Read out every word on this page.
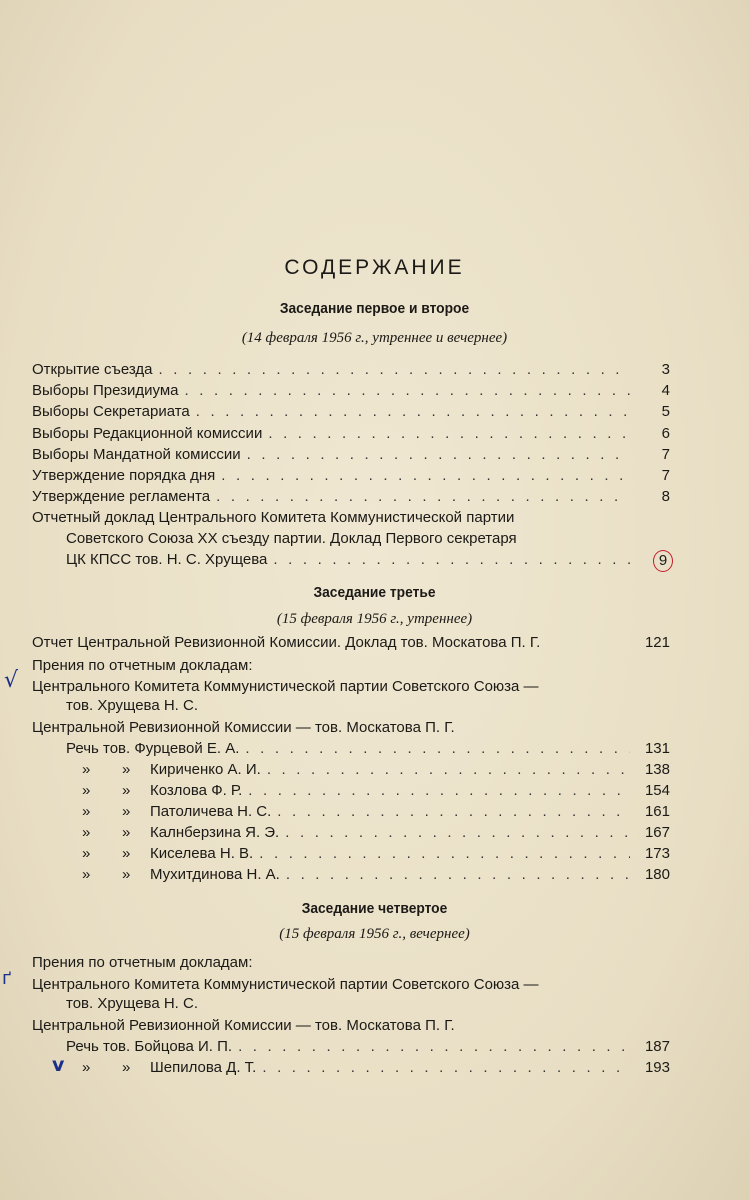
СОДЕРЖАНИЕ
Заседание первое и второе
(14 февраля 1956 г., утреннее и вечернее)
Открытие съезда . . .	3
Выборы Президиума . . .	4
Выборы Секретариата . . .	5
Выборы Редакционной комиссии . . .	6
Выборы Мандатной комиссии . . .	7
Утверждение порядка дня . . .	7
Утверждение регламента . . .	8
Отчетный доклад Центрального Комитета Коммунистической партии
Советского Союза XX съезду партии. Доклад Первого секретаря
ЦК КПСС тов. Н. С. Хрущева . . .	9
Заседание третье
(15 февраля 1956 г., утреннее)
Отчет Центральной Ревизионной Комиссии. Доклад тов. Москатова П. Г.	121
Прения по отчетным докладам:
√ Центрального Комитета Коммунистической партии Советского Союза —
тов. Хрущева Н. С.
Центральной Ревизионной Комиссии — тов. Москатова П. Г.
Речь тов. Фурцевой Е. А. . . .	131
» » Кириченко А. И. . . .	138
» » Козлова Ф. Р. . . .	154
» » Патоличева Н. С. . . .	161
» » Калнберзина Я. Э. . . .	167
» » Киселева Н. В. . . .	173
» » Мухитдинова Н. А. . . .	180
Заседание четвертое
(15 февраля 1956 г., вечернее)
Прения по отчетным докладам:
ґ Центрального Комитета Коммунистической партии Советского Союза —
тов. Хрущева Н. С.
Центральной Ревизионной Комиссии — тов. Москатова П. Г.
Речь тов. Бойцова И. П. . . .	187
v	» » Шепилова Д. Т. . . .	193
